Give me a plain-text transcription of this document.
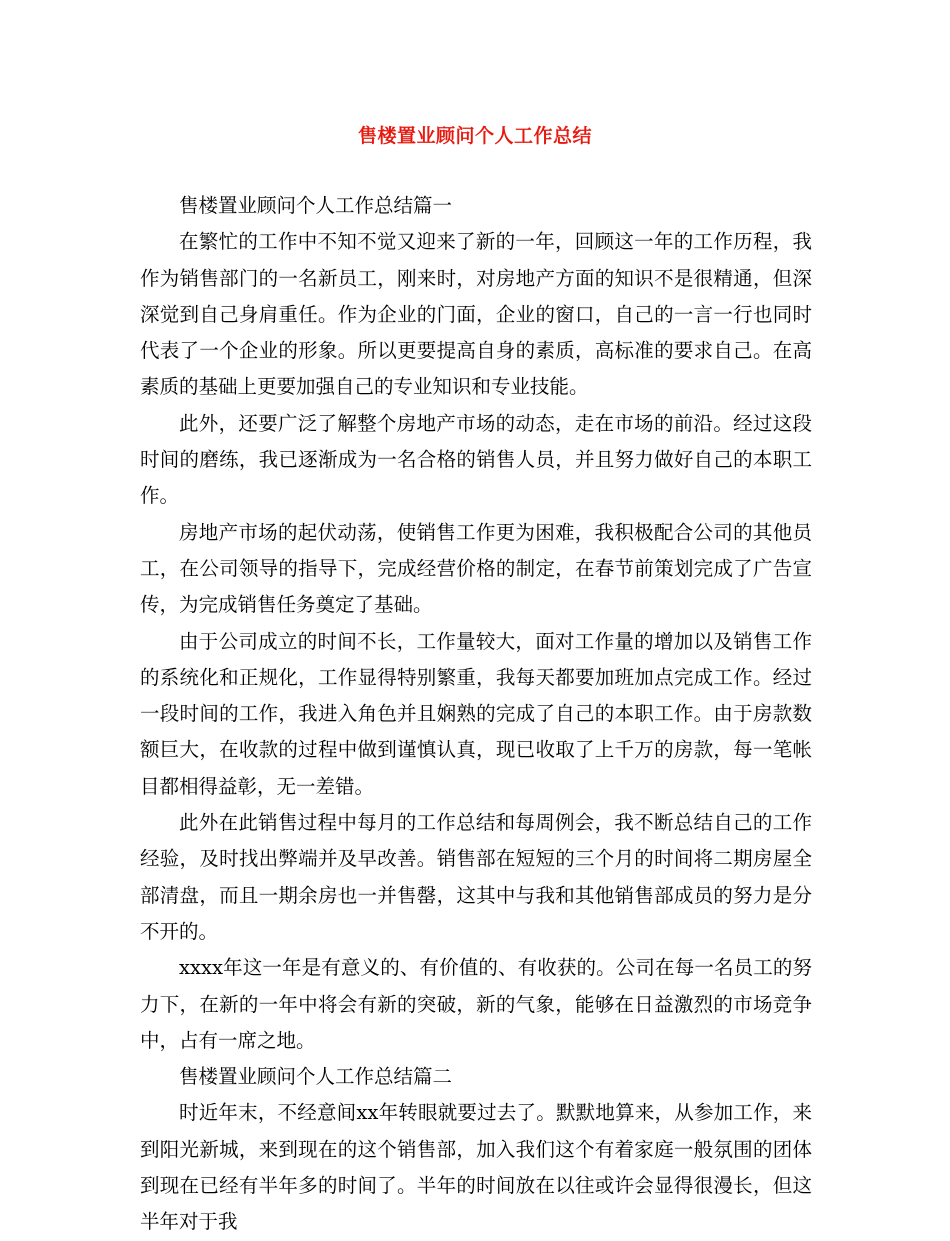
售楼置业顾问个人工作总结

售楼置业顾问个人工作总结篇一

在繁忙的工作中不知不觉又迎来了新的一年，回顾这一年的工作历程，我作为销售部门的一名新员工，刚来时，对房地产方面的知识不是很精通，但深深觉到自己身肩重任。作为企业的门面，企业的窗口，自己的一言一行也同时代表了一个企业的形象。所以更要提高自身的素质，高标准的要求自己。在高素质的基础上更要加强自己的专业知识和专业技能。

此外，还要广泛了解整个房地产市场的动态，走在市场的前沿。经过这段时间的磨练，我已逐渐成为一名合格的销售人员，并且努力做好自己的本职工作。

房地产市场的起伏动荡，使销售工作更为困难，我积极配合公司的其他员工，在公司领导的指导下，完成经营价格的制定，在春节前策划完成了广告宣传，为完成销售任务奠定了基础。

由于公司成立的时间不长，工作量较大，面对工作量的增加以及销售工作的系统化和正规化，工作显得特别繁重，我每天都要加班加点完成工作。经过一段时间的工作，我进入角色并且娴熟的完成了自己的本职工作。由于房款数额巨大，在收款的过程中做到谨慎认真，现已收取了上千万的房款，每一笔帐目都相得益彰，无一差错。

此外在此销售过程中每月的工作总结和每周例会，我不断总结自己的工作经验，及时找出弊端并及早改善。销售部在短短的三个月的时间将二期房屋全部清盘，而且一期余房也一并售罄，这其中与我和其他销售部成员的努力是分不开的。

xxxx年这一年是有意义的、有价值的、有收获的。公司在每一名员工的努力下，在新的一年中将会有新的突破，新的气象，能够在日益激烈的市场竞争中，占有一席之地。

售楼置业顾问个人工作总结篇二

时近年末，不经意间xx年转眼就要过去了。默默地算来，从参加工作，来到阳光新城，来到现在的这个销售部，加入我们这个有着家庭一般氛围的团体到现在已经有半年多的时间了。半年的时间放在以往或许会显得很漫长，但这半年对于我
